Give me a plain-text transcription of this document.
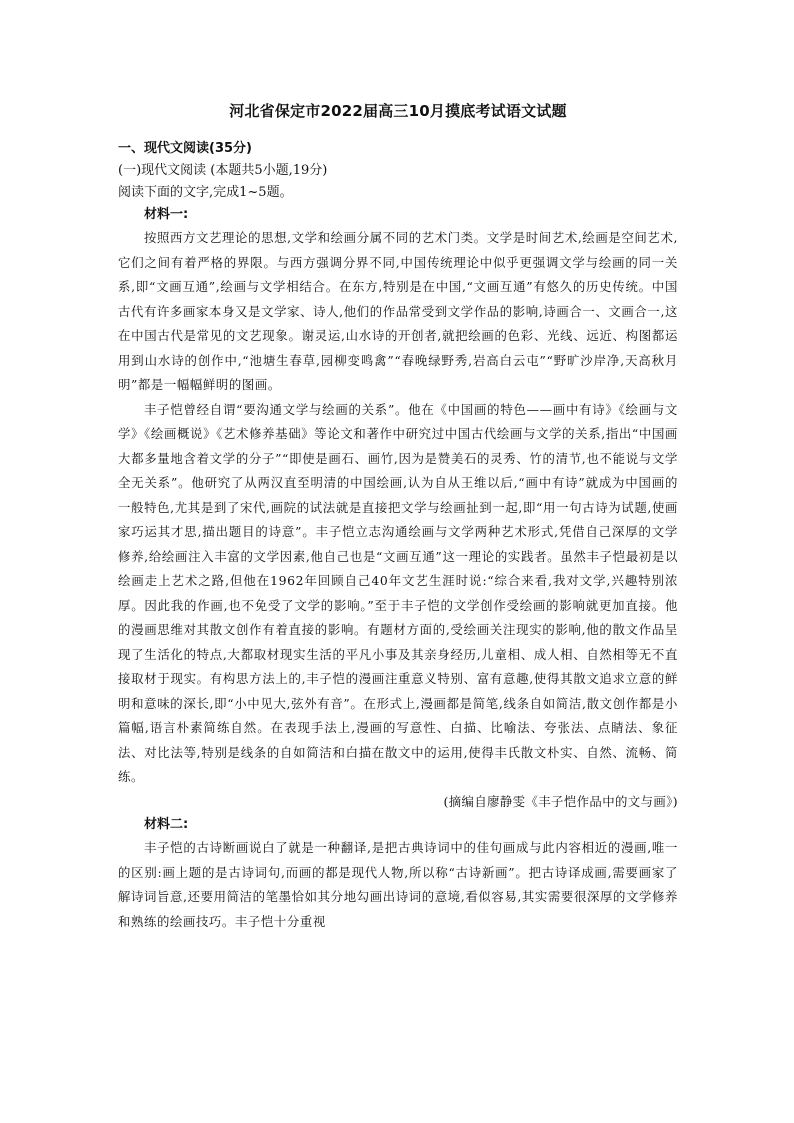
河北省保定市2022届高三10月摸底考试语文试题

一、现代文阅读(35分)

(一)现代文阅读 (本题共5小题,19分)

阅读下面的文字,完成1~5题。

材料一:

按照西方文艺理论的思想,文学和绘画分属不同的艺术门类。文学是时间艺术,绘画是空间艺术,它们之间有着严格的界限。与西方强调分界不同,中国传统理论中似乎更强调文学与绘画的同一关系,即“文画互通”,绘画与文学相结合。在东方,特别是在中国,“文画互通”有悠久的历史传统。中国古代有许多画家本身又是文学家、诗人,他们的作品常受到文学作品的影响,诗画合一、文画合一,这在中国古代是常见的文艺现象。谢灵运,山水诗的开创者,就把绘画的色彩、光线、远近、构图都运用到山水诗的创作中,“池塘生春草,园柳变鸣禽”“春晚绿野秀,岩高白云屯”“野旷沙岸净,天高秋月明”都是一幅幅鲜明的图画。

丰子恺曾经自谓“要沟通文学与绘画的关系”。他在《中国画的特色——画中有诗》《绘画与文学》《绘画概说》《艺术修养基础》等论文和著作中研究过中国古代绘画与文学的关系,指出“中国画大都多量地含着文学的分子”“即使是画石、画竹,因为是赞美石的灵秀、竹的清节,也不能说与文学全无关系”。他研究了从两汉直至明清的中国绘画,认为自从王维以后,“画中有诗”就成为中国画的一般特色,尤其是到了宋代,画院的试法就是直接把文学与绘画扯到一起,即“用一句古诗为试题,使画家巧运其才思,描出题目的诗意”。丰子恺立志沟通绘画与文学两种艺术形式,凭借自己深厚的文学修养,给绘画注入丰富的文学因素,他自己也是“文画互通”这一理论的实践者。虽然丰子恺最初是以绘画走上艺术之路,但他在1962年回顾自己40年文艺生涯时说:“综合来看,我对文学,兴趣特别浓厚。因此我的作画,也不免受了文学的影响。”至于丰子恺的文学创作受绘画的影响就更加直接。他的漫画思维对其散文创作有着直接的影响。有题材方面的,受绘画关注现实的影响,他的散文作品呈现了生活化的特点,大都取材现实生活的平凡小事及其亲身经历,儿童相、成人相、自然相等无不直接取材于现实。有构思方法上的,丰子恺的漫画注重意义特别、富有意趣,使得其散文追求立意的鲜明和意味的深长,即“小中见大,弦外有音”。在形式上,漫画都是简笔,线条自如简洁,散文创作都是小篇幅,语言朴素简练自然。在表现手法上,漫画的写意性、白描、比喻法、夸张法、点睛法、象征法、对比法等,特别是线条的自如简洁和白描在散文中的运用,使得丰氏散文朴实、自然、流畅、简练。

(摘编自廖静雯《丰子恺作品中的文与画》)

材料二:

丰子恺的古诗断画说白了就是一种翻译,是把古典诗词中的佳句画成与此内容相近的漫画,唯一的区别:画上题的是古诗词句,而画的都是现代人物,所以称“古诗新画”。把古诗译成画,需要画家了解诗词旨意,还要用简洁的笔墨恰如其分地勾画出诗词的意境,看似容易,其实需要很深厚的文学修养和熟练的绘画技巧。丰子恺十分重视
